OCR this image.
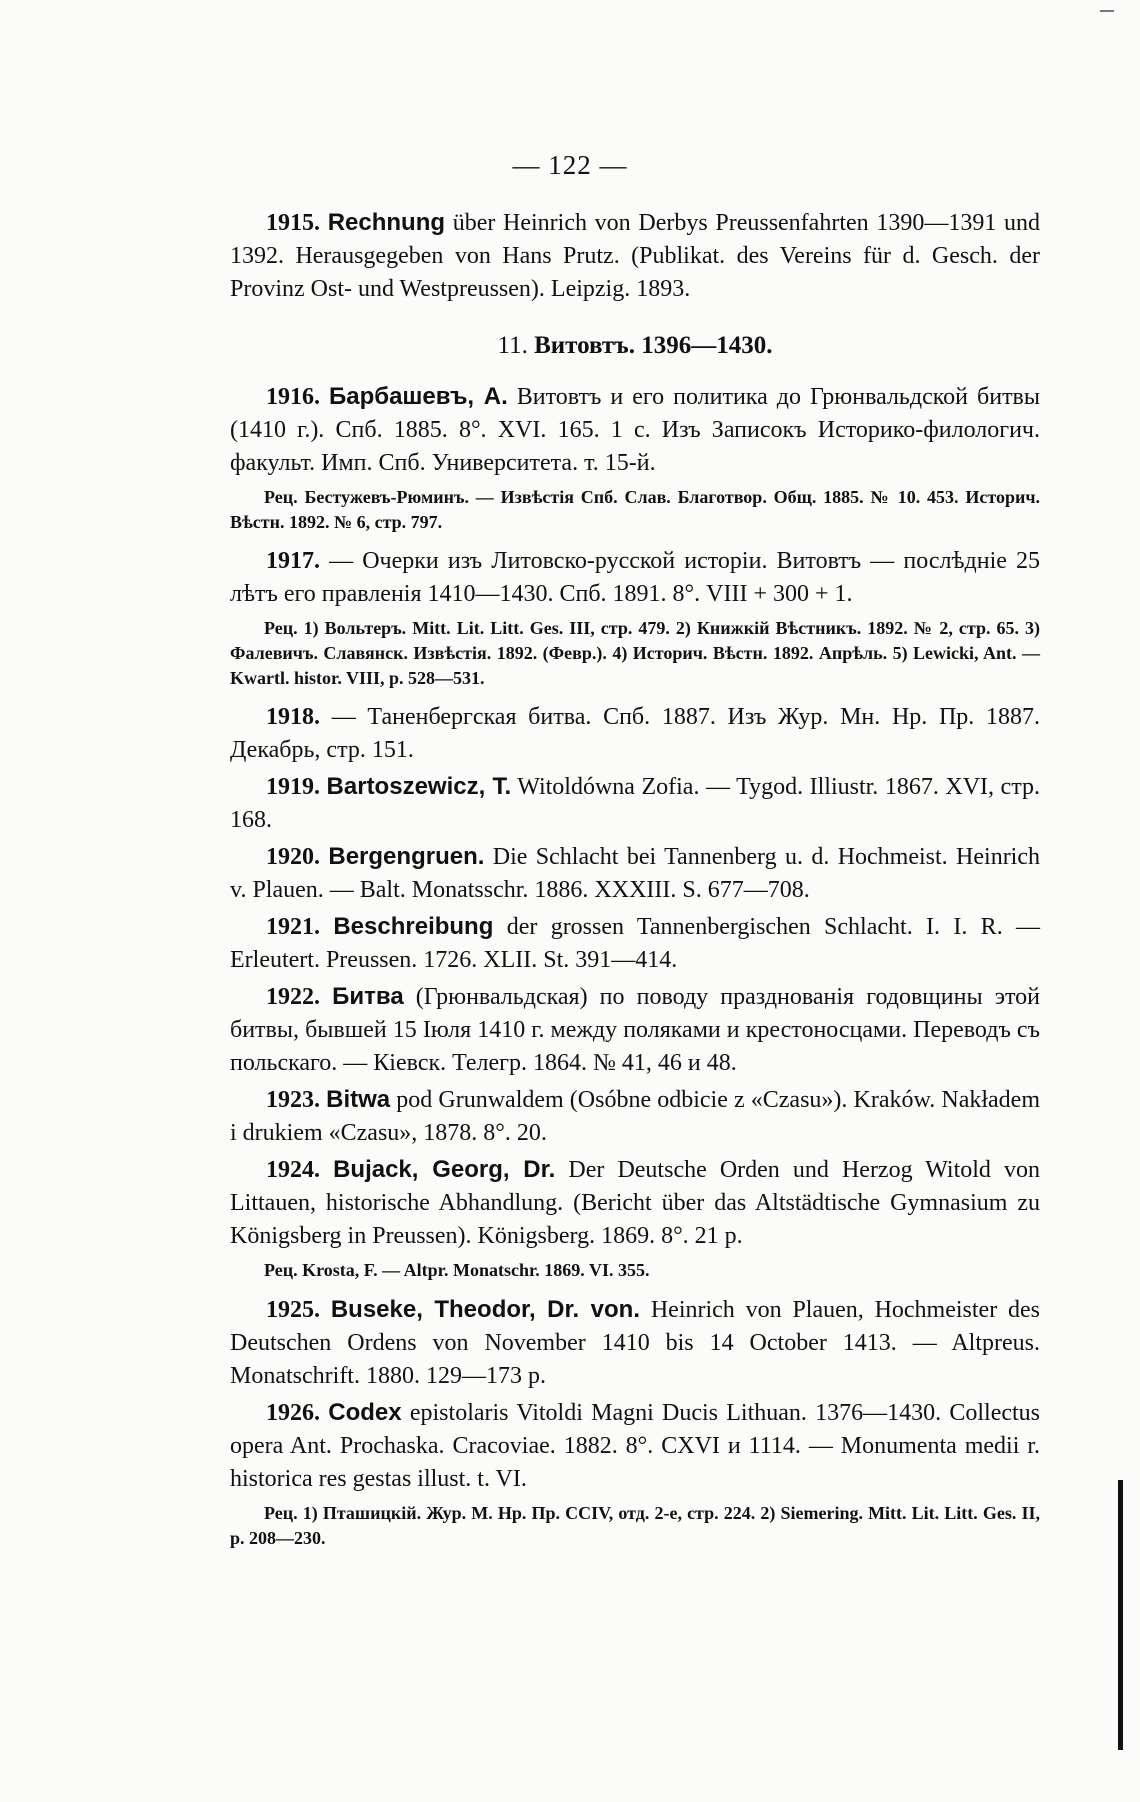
— 122 —

1915. Rechnung über Heinrich von Derbys Preussenfahrten 1390—1391 und 1392. Herausgegeben von Hans Prutz. (Publikat. des Vereins für d. Gesch. der Provinz Ost- und Westpreussen). Leipzig. 1893.

11. Витовтъ. 1396—1430.

1916. Барбашевъ, А. Витовтъ и его политика до Грюнвальдской битвы (1410 г.). Спб. 1885. 8°. XVI. 165. 1 с. Изъ Записокъ Историко-филологич. факульт. Имп. Спб. Университета. т. 15-й.

Рец. Бестужевъ-Рюминъ. — Извѣстія Спб. Слав. Благотвор. Общ. 1885. № 10. 453. Историч. Вѣстн. 1892. № 6, стр. 797.

1917. — Очерки изъ Литовско-русской исторіи. Витовтъ — послѣдніе 25 лѣтъ его правленія 1410—1430. Спб. 1891. 8°. VIII + 300 + 1.

Рец. 1) Вольтеръ. Mitt. Lit. Litt. Ges. III, стр. 479. 2) Книжкій Вѣстникъ. 1892. № 2, стр. 65. 3) Фалевичъ. Славянск. Извѣстія. 1892. (Февр.). 4) Историч. Вѣстн. 1892. Апрѣль. 5) Lewicki, Ant. — Kwartl. histor. VIII, p. 528—531.

1918. — Таненбергская битва. Спб. 1887. Изъ Жур. Мн. Нр. Пр. 1887. Декабрь, стр. 151.

1919. Bartoszewicz, T. Witoldówna Zofia. — Tygod. Illiustr. 1867. XVI, стр. 168.

1920. Bergengruen. Die Schlacht bei Tannenberg u. d. Hochmeist. Heinrich v. Plauen. — Balt. Monatsschr. 1886. XXXIII. S. 677—708.

1921. Beschreibung der grossen Tannenbergischen Schlacht. I. I. R. — Erleutert. Preussen. 1726. XLII. St. 391—414.

1922. Битва (Грюнвальдская) по поводу празднованія годовщины этой битвы, бывшей 15 Іюля 1410 г. между поляками и крестоносцами. Переводъ съ польскаго. — Кіевск. Телегр. 1864. № 41, 46 и 48.

1923. Bitwa pod Grunwaldem (Osóbne odbicie z «Czasu»). Kraków. Nakładem i drukiem «Czasu», 1878. 8°. 20.

1924. Bujack, Georg, Dr. Der Deutsche Orden und Herzog Witold von Littauen, historische Abhandlung. (Bericht über das Altstädtische Gymnasium zu Königsberg in Preussen). Königsberg. 1869. 8°. 21 p.

Рец. Krosta, F. — Altpr. Monatschr. 1869. VI. 355.

1925. Buseke, Theodor, Dr. von. Heinrich von Plauen, Hochmeister des Deutschen Ordens von November 1410 bis 14 October 1413. — Altpreus. Monatschrift. 1880. 129—173 p.

1926. Codex epistolaris Vitoldi Magni Ducis Lithuan. 1376—1430. Collectus opera Ant. Prochaska. Cracoviae. 1882. 8°. CXVI и 1114. — Monumenta medii r. historica res gestas illust. t. VI.

Рец. 1) Пташицкій. Жур. М. Нр. Пр. CCIV, отд. 2-е, стр. 224. 2) Siemering. Mitt. Lit. Litt. Ges. II, p. 208—230.
